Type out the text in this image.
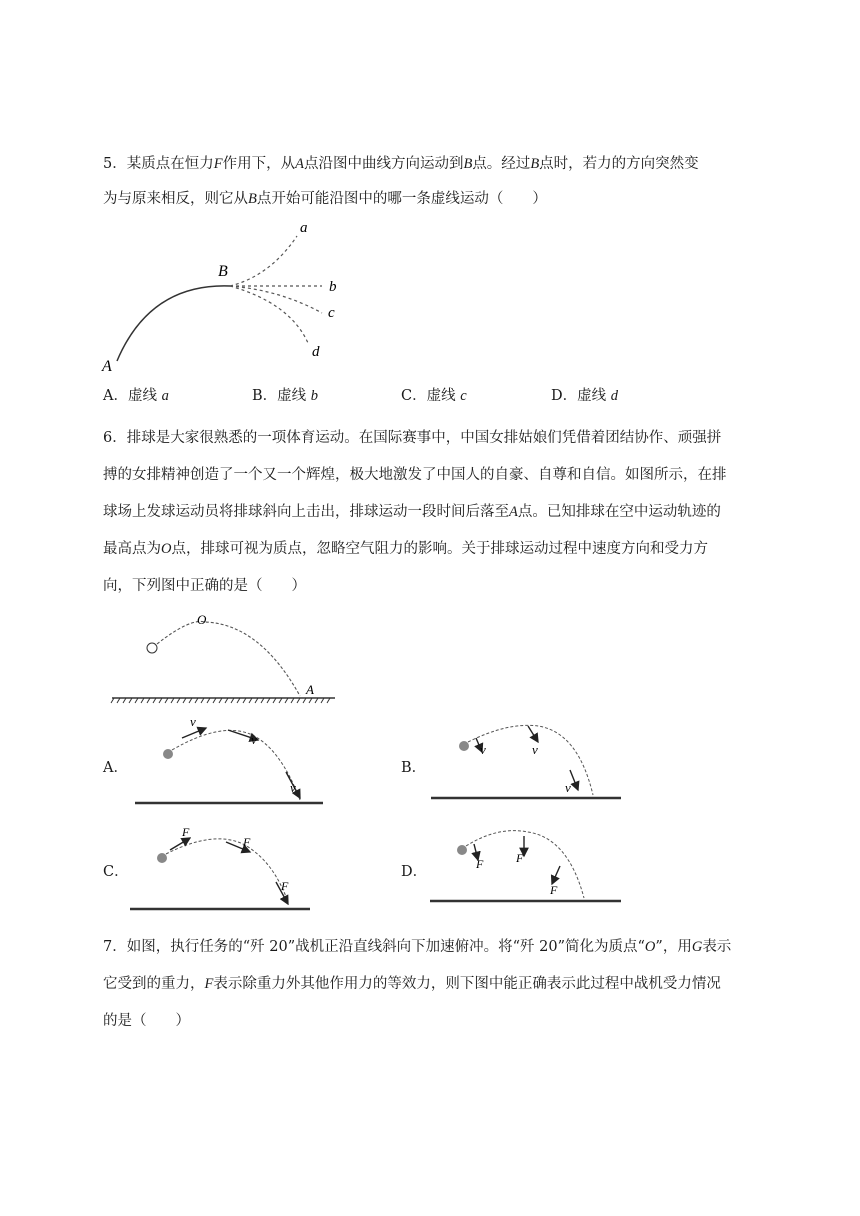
5．某质点在恒力F作用下，从A点沿图中曲线方向运动到B点。经过B点时，若力的方向突然变
为与原来相反，则它从B点开始可能沿图中的哪一条虚线运动（　　）
A
B
a
b
c
d
A．虚线 a	B．虚线 b	C．虚线 c	D．虚线 d
6．排球是大家很熟悉的一项体育运动。在国际赛事中，中国女排姑娘们凭借着团结协作、顽强拼
搏的女排精神创造了一个又一个辉煌，极大地激发了中国人的自豪、自尊和自信。如图所示，在排
球场上发球运动员将排球斜向上击出，排球运动一段时间后落至A点。已知排球在空中运动轨迹的
最高点为O点，排球可视为质点，忽略空气阻力的影响。关于排球运动过程中速度方向和受力方
向，下列图中正确的是（　　）
O
A
A．
v
v
v
B．
v	v
v
C．
F
F
F
D．	F	F
F
7．如图，执行任务的“歼 20”战机正沿直线斜向下加速俯冲。将“歼 20”简化为质点“O”，用G表示
它受到的重力，F表示除重力外其他作用力的等效力，则下图中能正确表示此过程中战机受力情况
的是（　　）
